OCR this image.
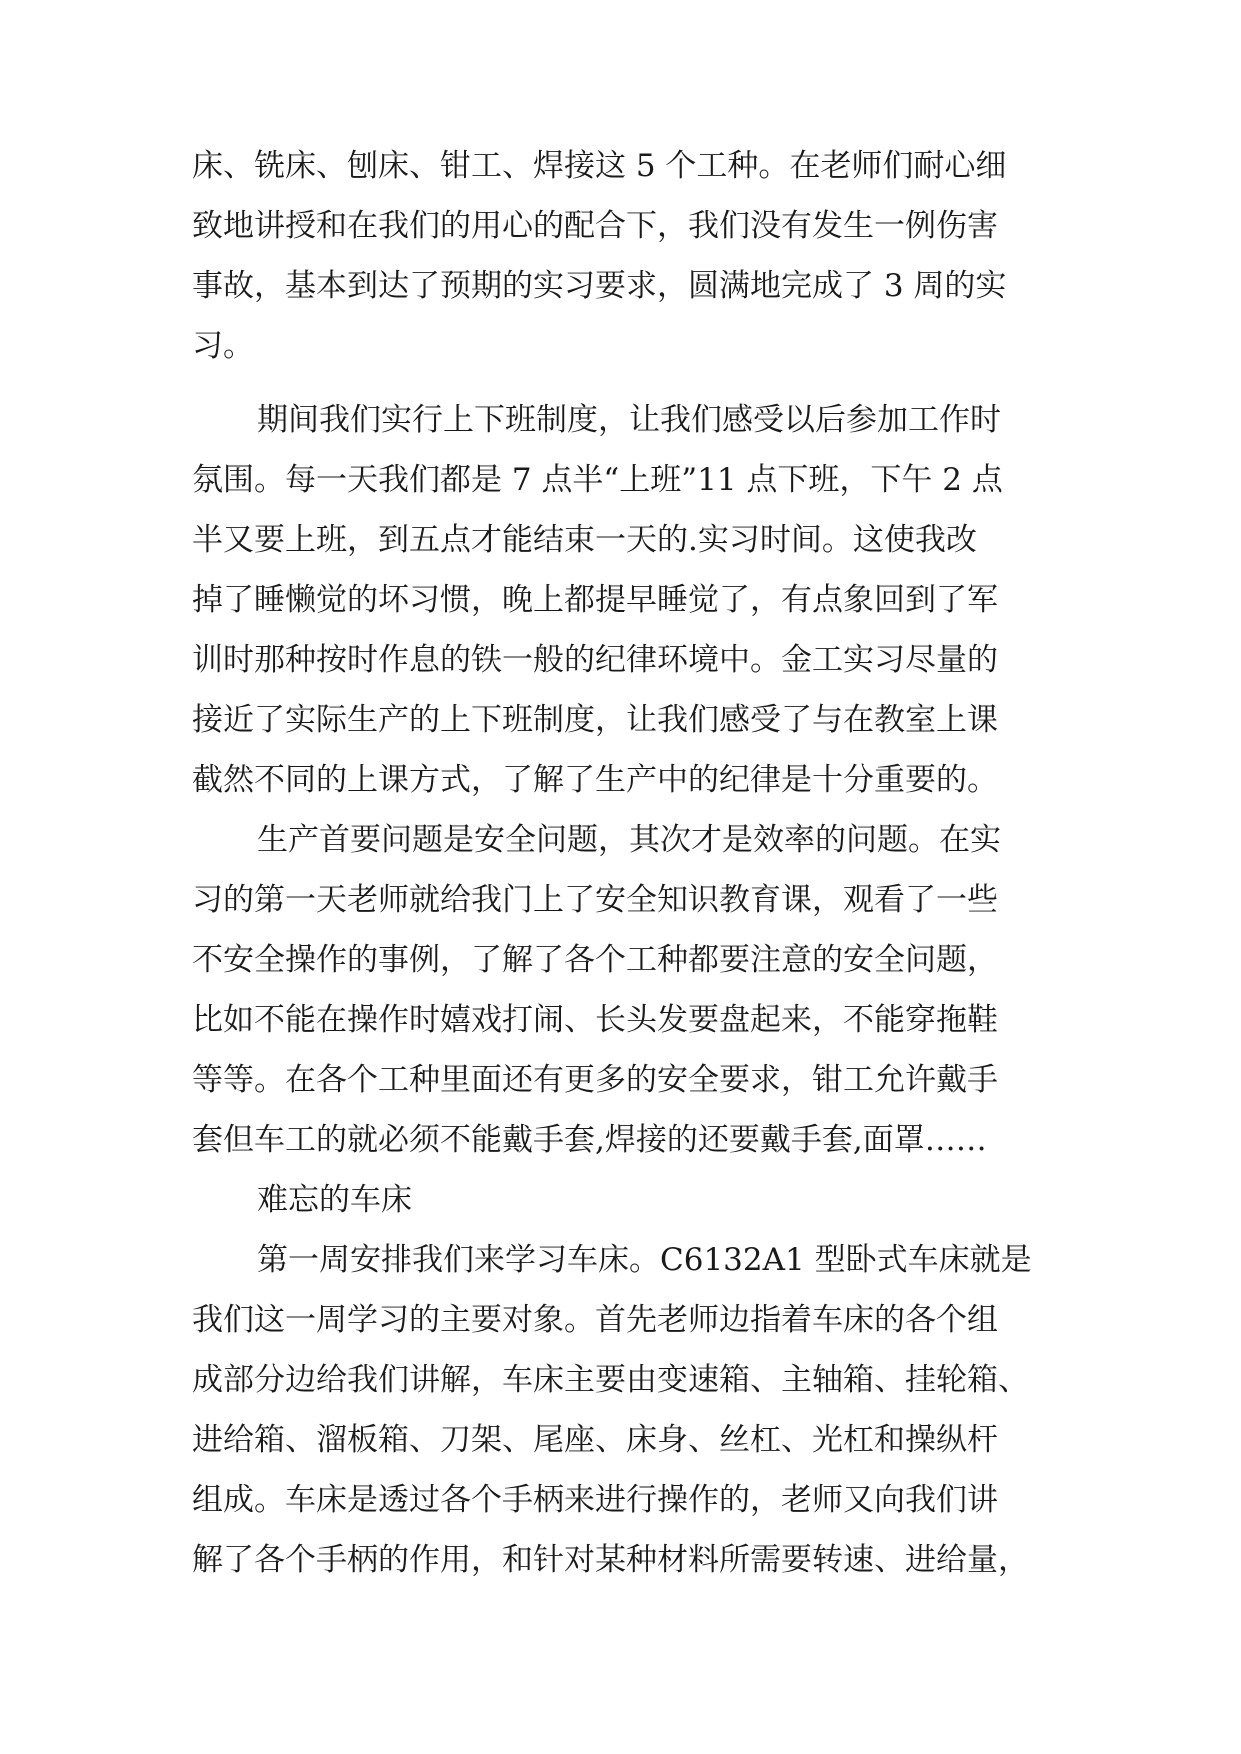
床、铣床、刨床、钳工、焊接这 5 个工种。在老师们耐心细

致地讲授和在我们的用心的配合下，我们没有发生一例伤害

事故，基本到达了预期的实习要求，圆满地完成了 3 周的实

习。

期间我们实行上下班制度，让我们感受以后参加工作时

氛围。每一天我们都是 7 点半“上班”11 点下班，下午 2 点

半又要上班，到五点才能结束一天的.实习时间。这使我改

掉了睡懒觉的坏习惯，晚上都提早睡觉了，有点象回到了军

训时那种按时作息的铁一般的纪律环境中。金工实习尽量的

接近了实际生产的上下班制度，让我们感受了与在教室上课

截然不同的上课方式，了解了生产中的纪律是十分重要的。

生产首要问题是安全问题，其次才是效率的问题。在实

习的第一天老师就给我门上了安全知识教育课，观看了一些

不安全操作的事例，了解了各个工种都要注意的安全问题，

比如不能在操作时嬉戏打闹、长头发要盘起来，不能穿拖鞋

等等。在各个工种里面还有更多的安全要求，钳工允许戴手

套但车工的就必须不能戴手套,焊接的还要戴手套,面罩……

难忘的车床

第一周安排我们来学习车床。C6132A1 型卧式车床就是

我们这一周学习的主要对象。首先老师边指着车床的各个组

成部分边给我们讲解，车床主要由变速箱、主轴箱、挂轮箱、

进给箱、溜板箱、刀架、尾座、床身、丝杠、光杠和操纵杆

组成。车床是透过各个手柄来进行操作的，老师又向我们讲

解了各个手柄的作用，和针对某种材料所需要转速、进给量，
